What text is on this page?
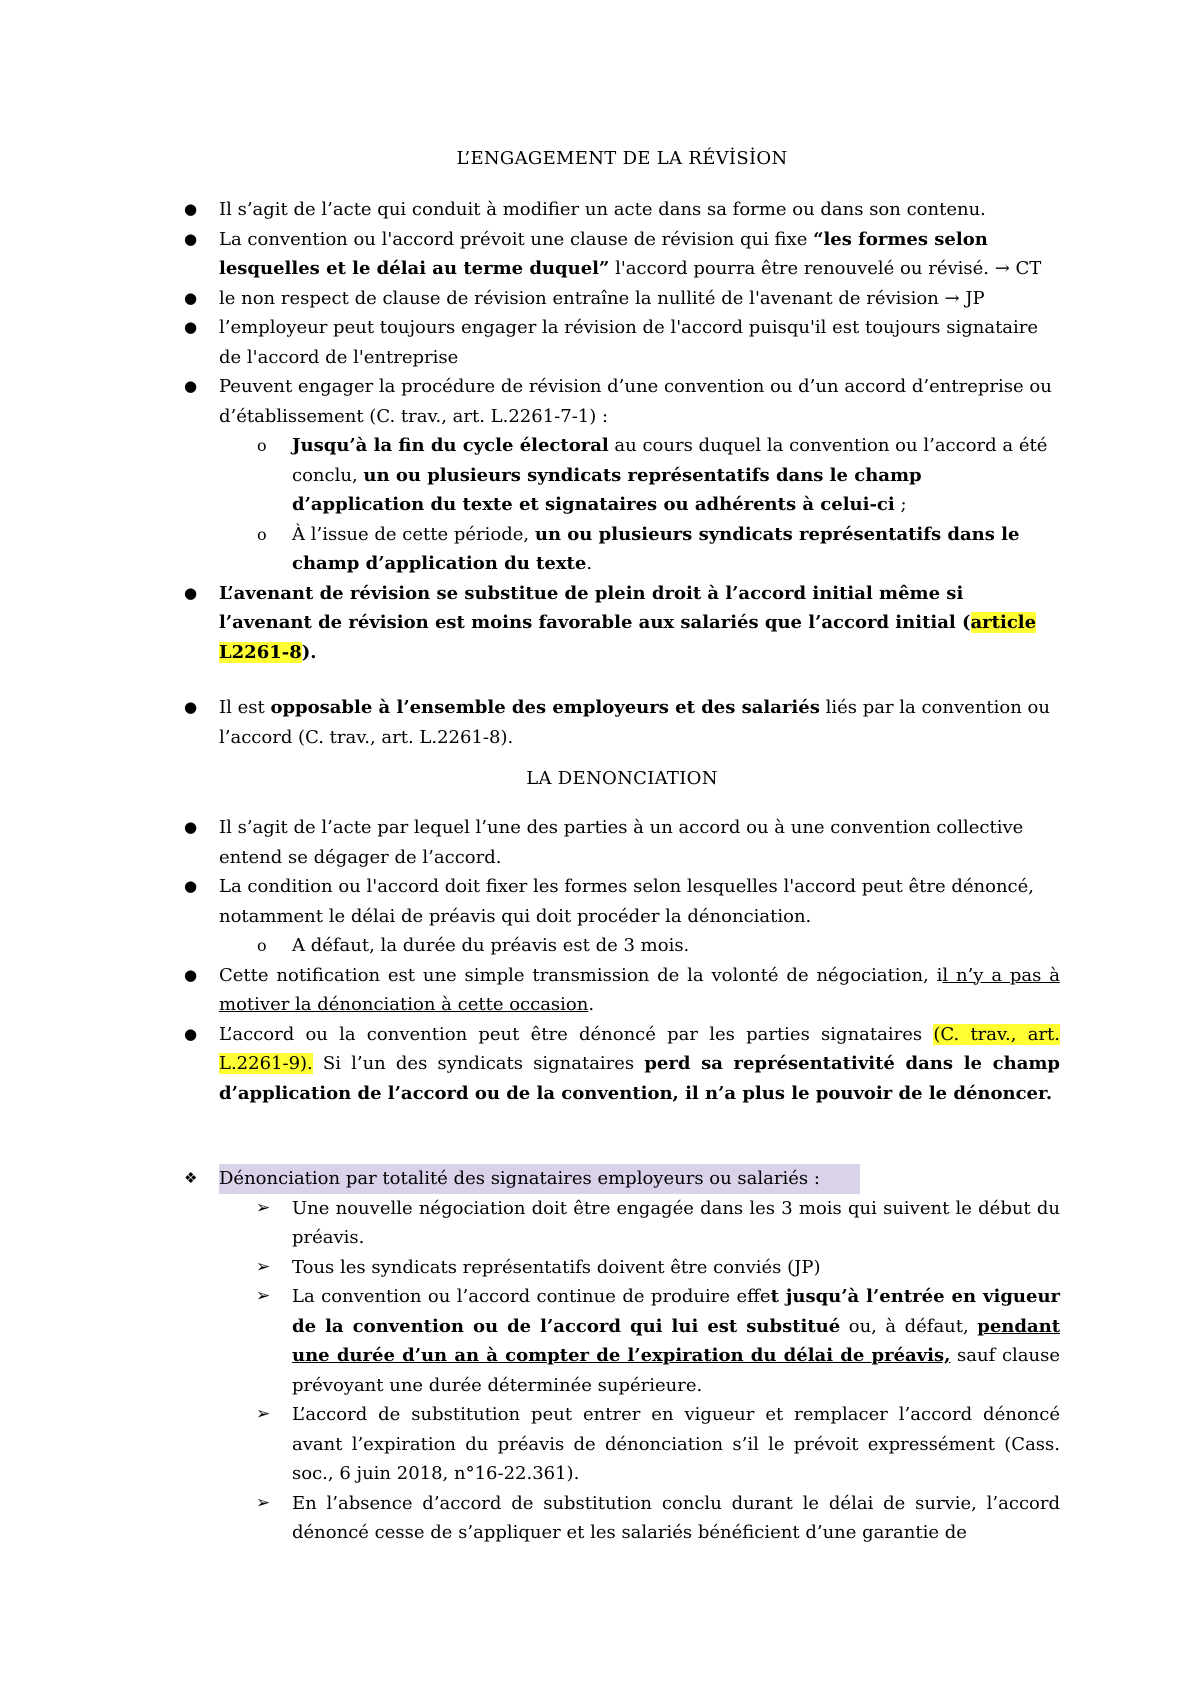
L’ENGAGEMENT DE LA RÉVİSİON
● Il s’agit de l’acte qui conduit à modifier un acte dans sa forme ou dans son contenu.
● La convention ou l'accord prévoit une clause de révision qui fixe “les formes selon lesquelles et le délai au terme duquel” l'accord pourra être renouvelé ou révisé. → CT
● le non respect de clause de révision entraîne la nullité de l'avenant de révision → JP
● l’employeur peut toujours engager la révision de l'accord puisqu'il est toujours signataire de l'accord de l'entreprise
● Peuvent engager la procédure de révision d’une convention ou d’un accord d’entreprise ou d’établissement (C. trav., art. L.2261-7-1) :
o Jusqu’à la fin du cycle électoral au cours duquel la convention ou l’accord a été conclu, un ou plusieurs syndicats représentatifs dans le champ d’application du texte et signataires ou adhérents à celui-ci ;
o À l’issue de cette période, un ou plusieurs syndicats représentatifs dans le champ d’application du texte.
● L’avenant de révision se substitue de plein droit à l’accord initial même si l’avenant de révision est moins favorable aux salariés que l’accord initial (article L2261-8).
● Il est opposable à l’ensemble des employeurs et des salariés liés par la convention ou l’accord (C. trav., art. L.2261-8).
LA DENONCIATION
● Il s’agit de l’acte par lequel l’une des parties à un accord ou à une convention collective entend se dégager de l’accord.
● La condition ou l'accord doit fixer les formes selon lesquelles l'accord peut être dénoncé, notamment le délai de préavis qui doit procéder la dénonciation.
o A défaut, la durée du préavis est de 3 mois.
● Cette notification est une simple transmission de la volonté de négociation, il n’y a pas à motiver la dénonciation à cette occasion.
● L’accord ou la convention peut être dénoncé par les parties signataires (C. trav., art. L.2261-9). Si l’un des syndicats signataires perd sa représentativité dans le champ d’application de l’accord ou de la convention, il n’a plus le pouvoir de le dénoncer.
❖ Dénonciation par totalité des signataires employeurs ou salariés :
➢ Une nouvelle négociation doit être engagée dans les 3 mois qui suivent le début du préavis.
➢ Tous les syndicats représentatifs doivent être conviés (JP)
➢ La convention ou l’accord continue de produire effet jusqu’à l’entrée en vigueur de la convention ou de l’accord qui lui est substitué ou, à défaut, pendant une durée d’un an à compter de l’expiration du délai de préavis, sauf clause prévoyant une durée déterminée supérieure.
➢ L’accord de substitution peut entrer en vigueur et remplacer l’accord dénoncé avant l’expiration du préavis de dénonciation s’il le prévoit expressément (Cass. soc., 6 juin 2018, n°16-22.361).
➢ En l’absence d’accord de substitution conclu durant le délai de survie, l’accord dénoncé cesse de s’appliquer et les salariés bénéficient d’une garantie de
